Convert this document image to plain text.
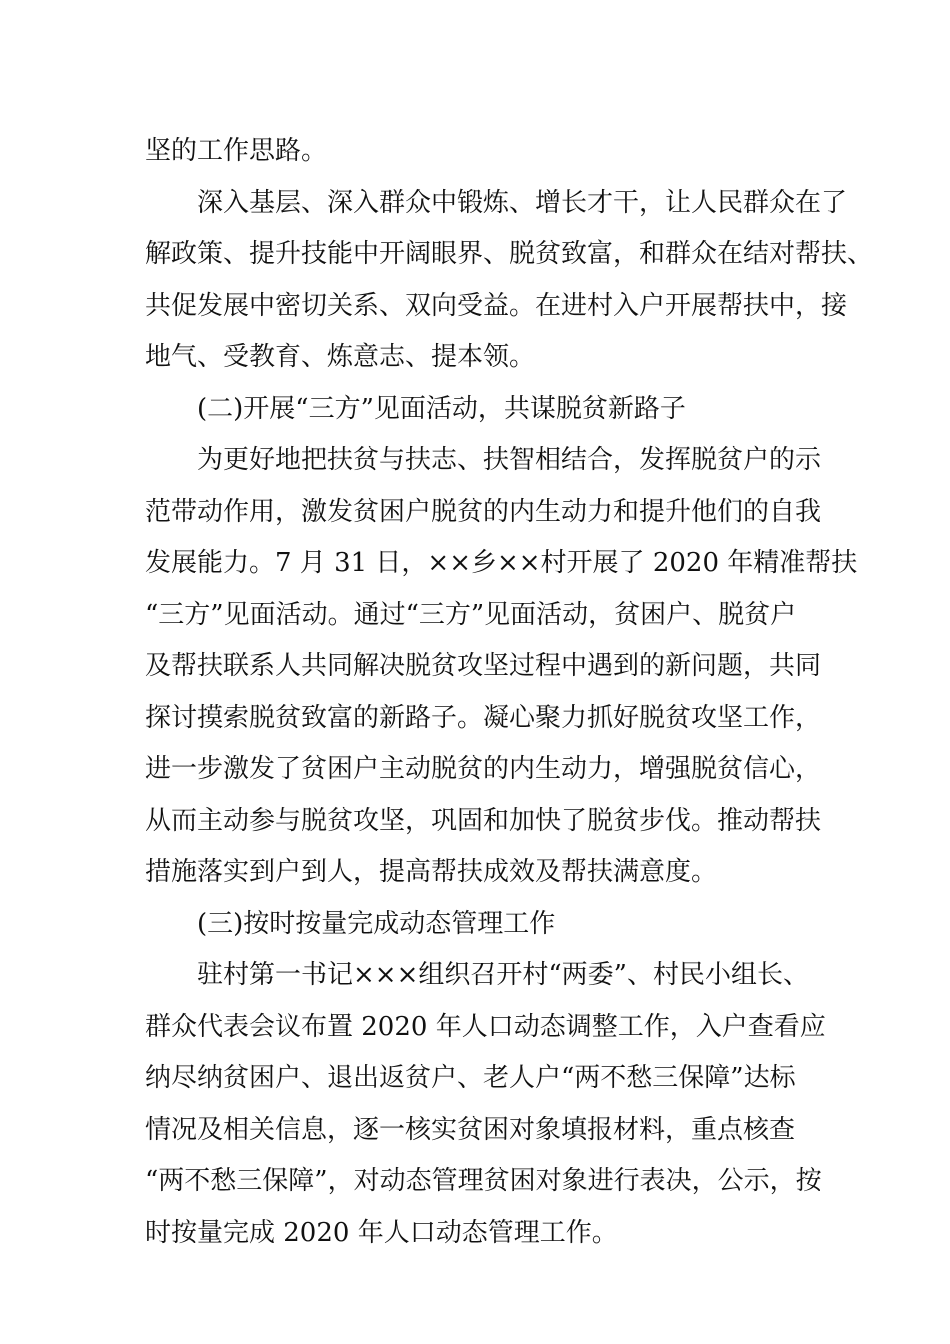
坚的工作思路。
深入基层、深入群众中锻炼、增长才干，让人民群众在了
解政策、提升技能中开阔眼界、脱贫致富，和群众在结对帮扶、
共促发展中密切关系、双向受益。在进村入户开展帮扶中，接
地气、受教育、炼意志、提本领。
(二)开展“三方”见面活动，共谋脱贫新路子
为更好地把扶贫与扶志、扶智相结合，发挥脱贫户的示
范带动作用，激发贫困户脱贫的内生动力和提升他们的自我
发展能力。7 月 31 日，××乡××村开展了 2020 年精准帮扶
“三方”见面活动。通过“三方”见面活动，贫困户、脱贫户
及帮扶联系人共同解决脱贫攻坚过程中遇到的新问题，共同
探讨摸索脱贫致富的新路子。凝心聚力抓好脱贫攻坚工作，
进一步激发了贫困户主动脱贫的内生动力，增强脱贫信心，
从而主动参与脱贫攻坚，巩固和加快了脱贫步伐。推动帮扶
措施落实到户到人，提高帮扶成效及帮扶满意度。
(三)按时按量完成动态管理工作
驻村第一书记×××组织召开村“两委”、村民小组长、
群众代表会议布置 2020 年人口动态调整工作，入户查看应
纳尽纳贫困户、退出返贫户、老人户“两不愁三保障”达标
情况及相关信息，逐一核实贫困对象填报材料，重点核查
“两不愁三保障”，对动态管理贫困对象进行表决，公示，按
时按量完成 2020 年人口动态管理工作。
